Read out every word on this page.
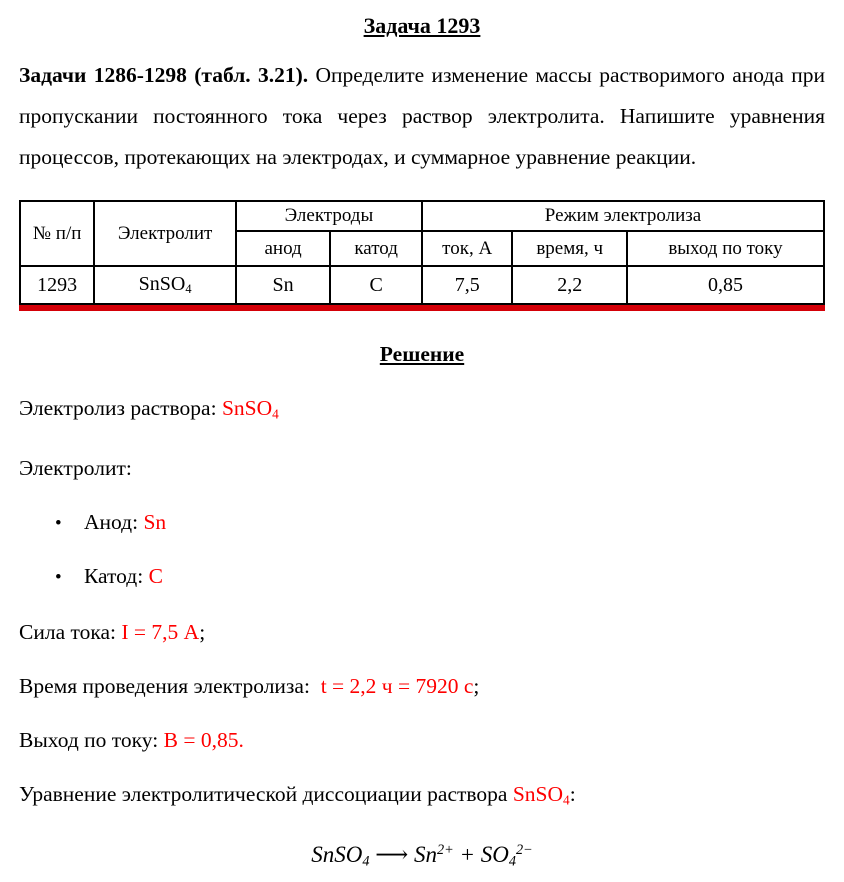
Задача 1293

Задачи 1286-1298 (табл. 3.21). Определите изменение массы растворимого анода при пропускании постоянного тока через раствор электролита. Напишите уравнения процессов, протекающих на электродах, и суммарное уравнение реакции.

№ п/п	Электролит	Электроды		Режим электролиза		
		анод	катод	ток, А	время, ч	выход по току
1293	SnSO$_4$	Sn	C	7,5	2,2	0,85
Решение

Электролиз раствора: SnSO$_4$

Электролит:

• Анод: Sn
• Катод: C

Сила тока: I = 7,5 А;

Время проведения электролиза:  t = 2,2 ч = 7920 с;

Выход по току: В = 0,85.

Уравнение электролитической диссоциации раствора SnSO$_4$:

SnSO$_4$ ⟶ $Sn^{2+} + SO_4^{2-}$
